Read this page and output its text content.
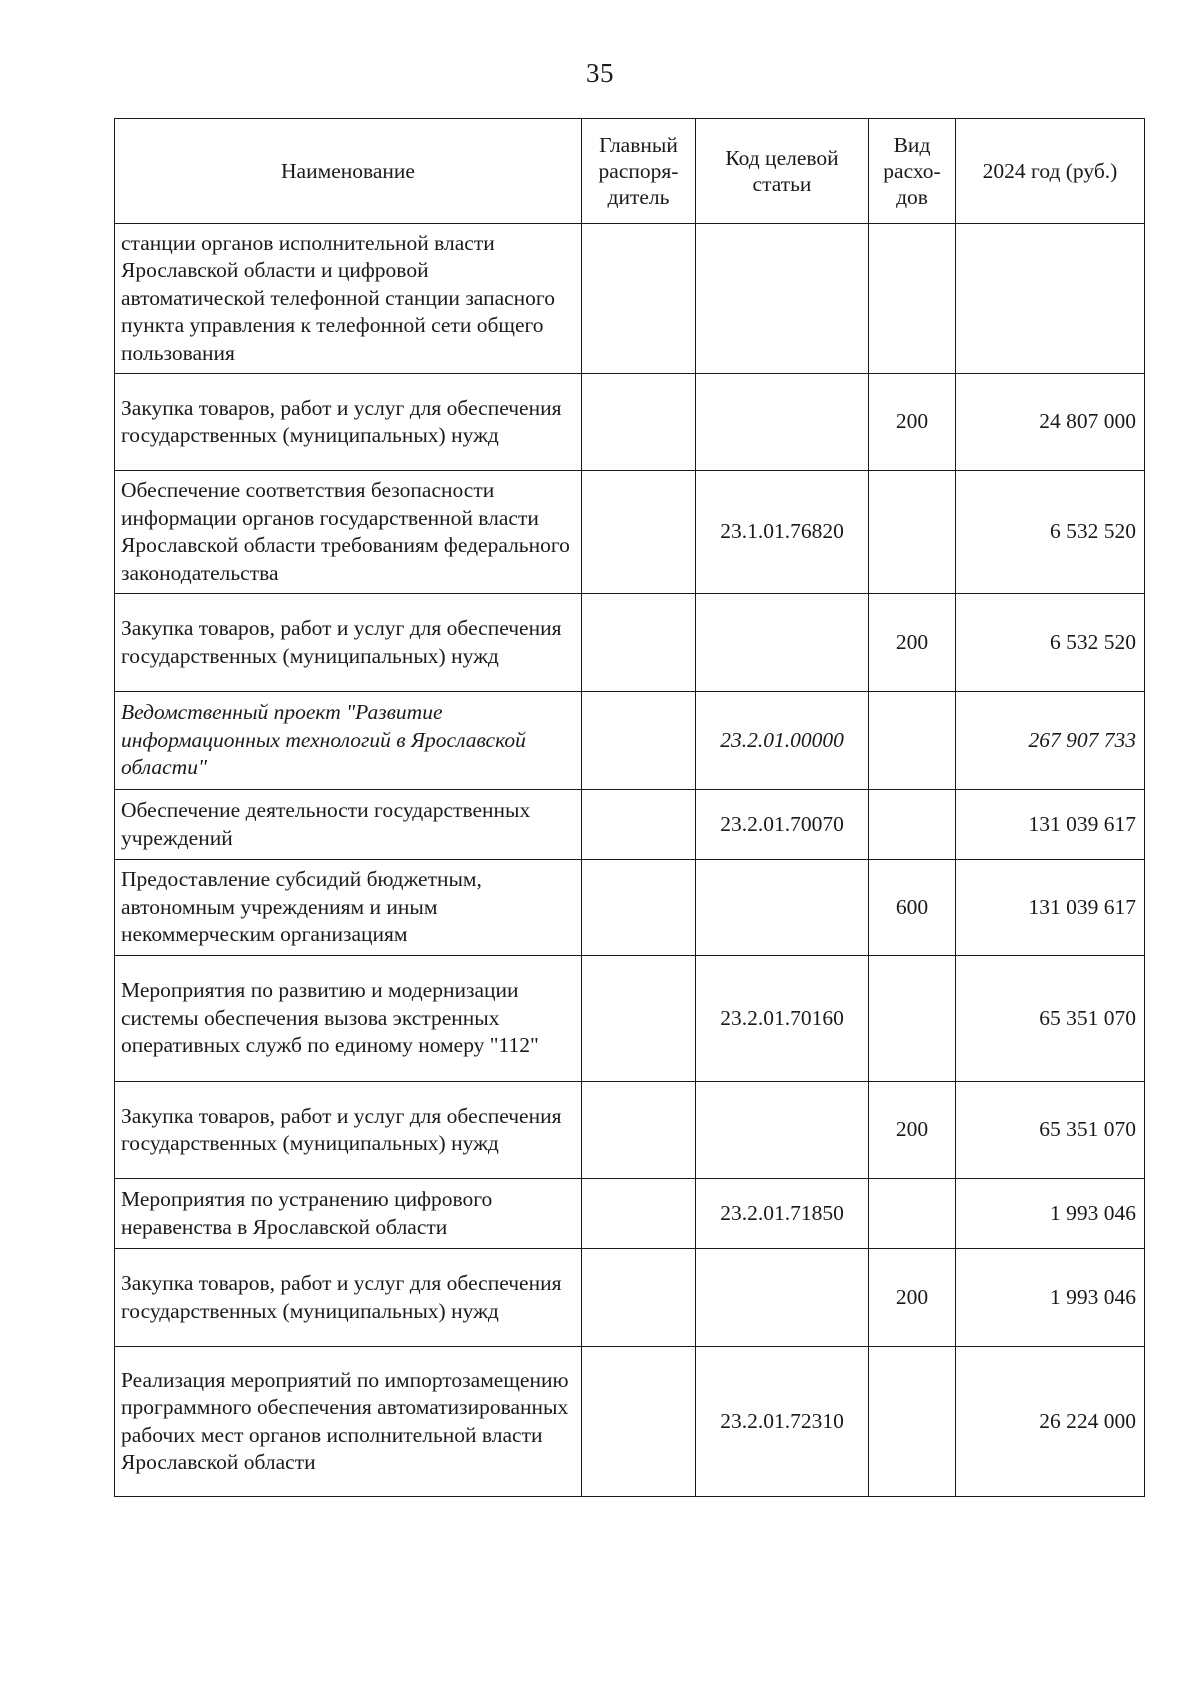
35
Наименование	Главный распоря-дитель	Код целевой статьи	Вид расхо-дов	2024 год (руб.)
станции органов исполнительной власти Ярославской области и цифровой автоматической телефонной станции запасного пункта управления к телефонной сети общего пользования				
Закупка товаров, работ и услуг для обеспечения государственных (муниципальных) нужд			200	24 807 000
Обеспечение соответствия безопасности информации органов государственной власти Ярославской области требованиям федерального законодательства		23.1.01.76820		6 532 520
Закупка товаров, работ и услуг для обеспечения государственных (муниципальных) нужд			200	6 532 520
Ведомственный проект "Развитие информационных технологий в Ярославской области"		23.2.01.00000		267 907 733
Обеспечение деятельности государственных учреждений		23.2.01.70070		131 039 617
Предоставление субсидий бюджетным, автономным учреждениям и иным некоммерческим организациям			600	131 039 617
Мероприятия по развитию и модернизации системы обеспечения вызова экстренных оперативных служб по единому номеру "112"		23.2.01.70160		65 351 070
Закупка товаров, работ и услуг для обеспечения государственных (муниципальных) нужд			200	65 351 070
Мероприятия по устранению цифрового неравенства в Ярославской области		23.2.01.71850		1 993 046
Закупка товаров, работ и услуг для обеспечения государственных (муниципальных) нужд			200	1 993 046
Реализация мероприятий по импортозамещению программного обеспечения автоматизированных рабочих мест органов исполнительной власти Ярославской области		23.2.01.72310		26 224 000
